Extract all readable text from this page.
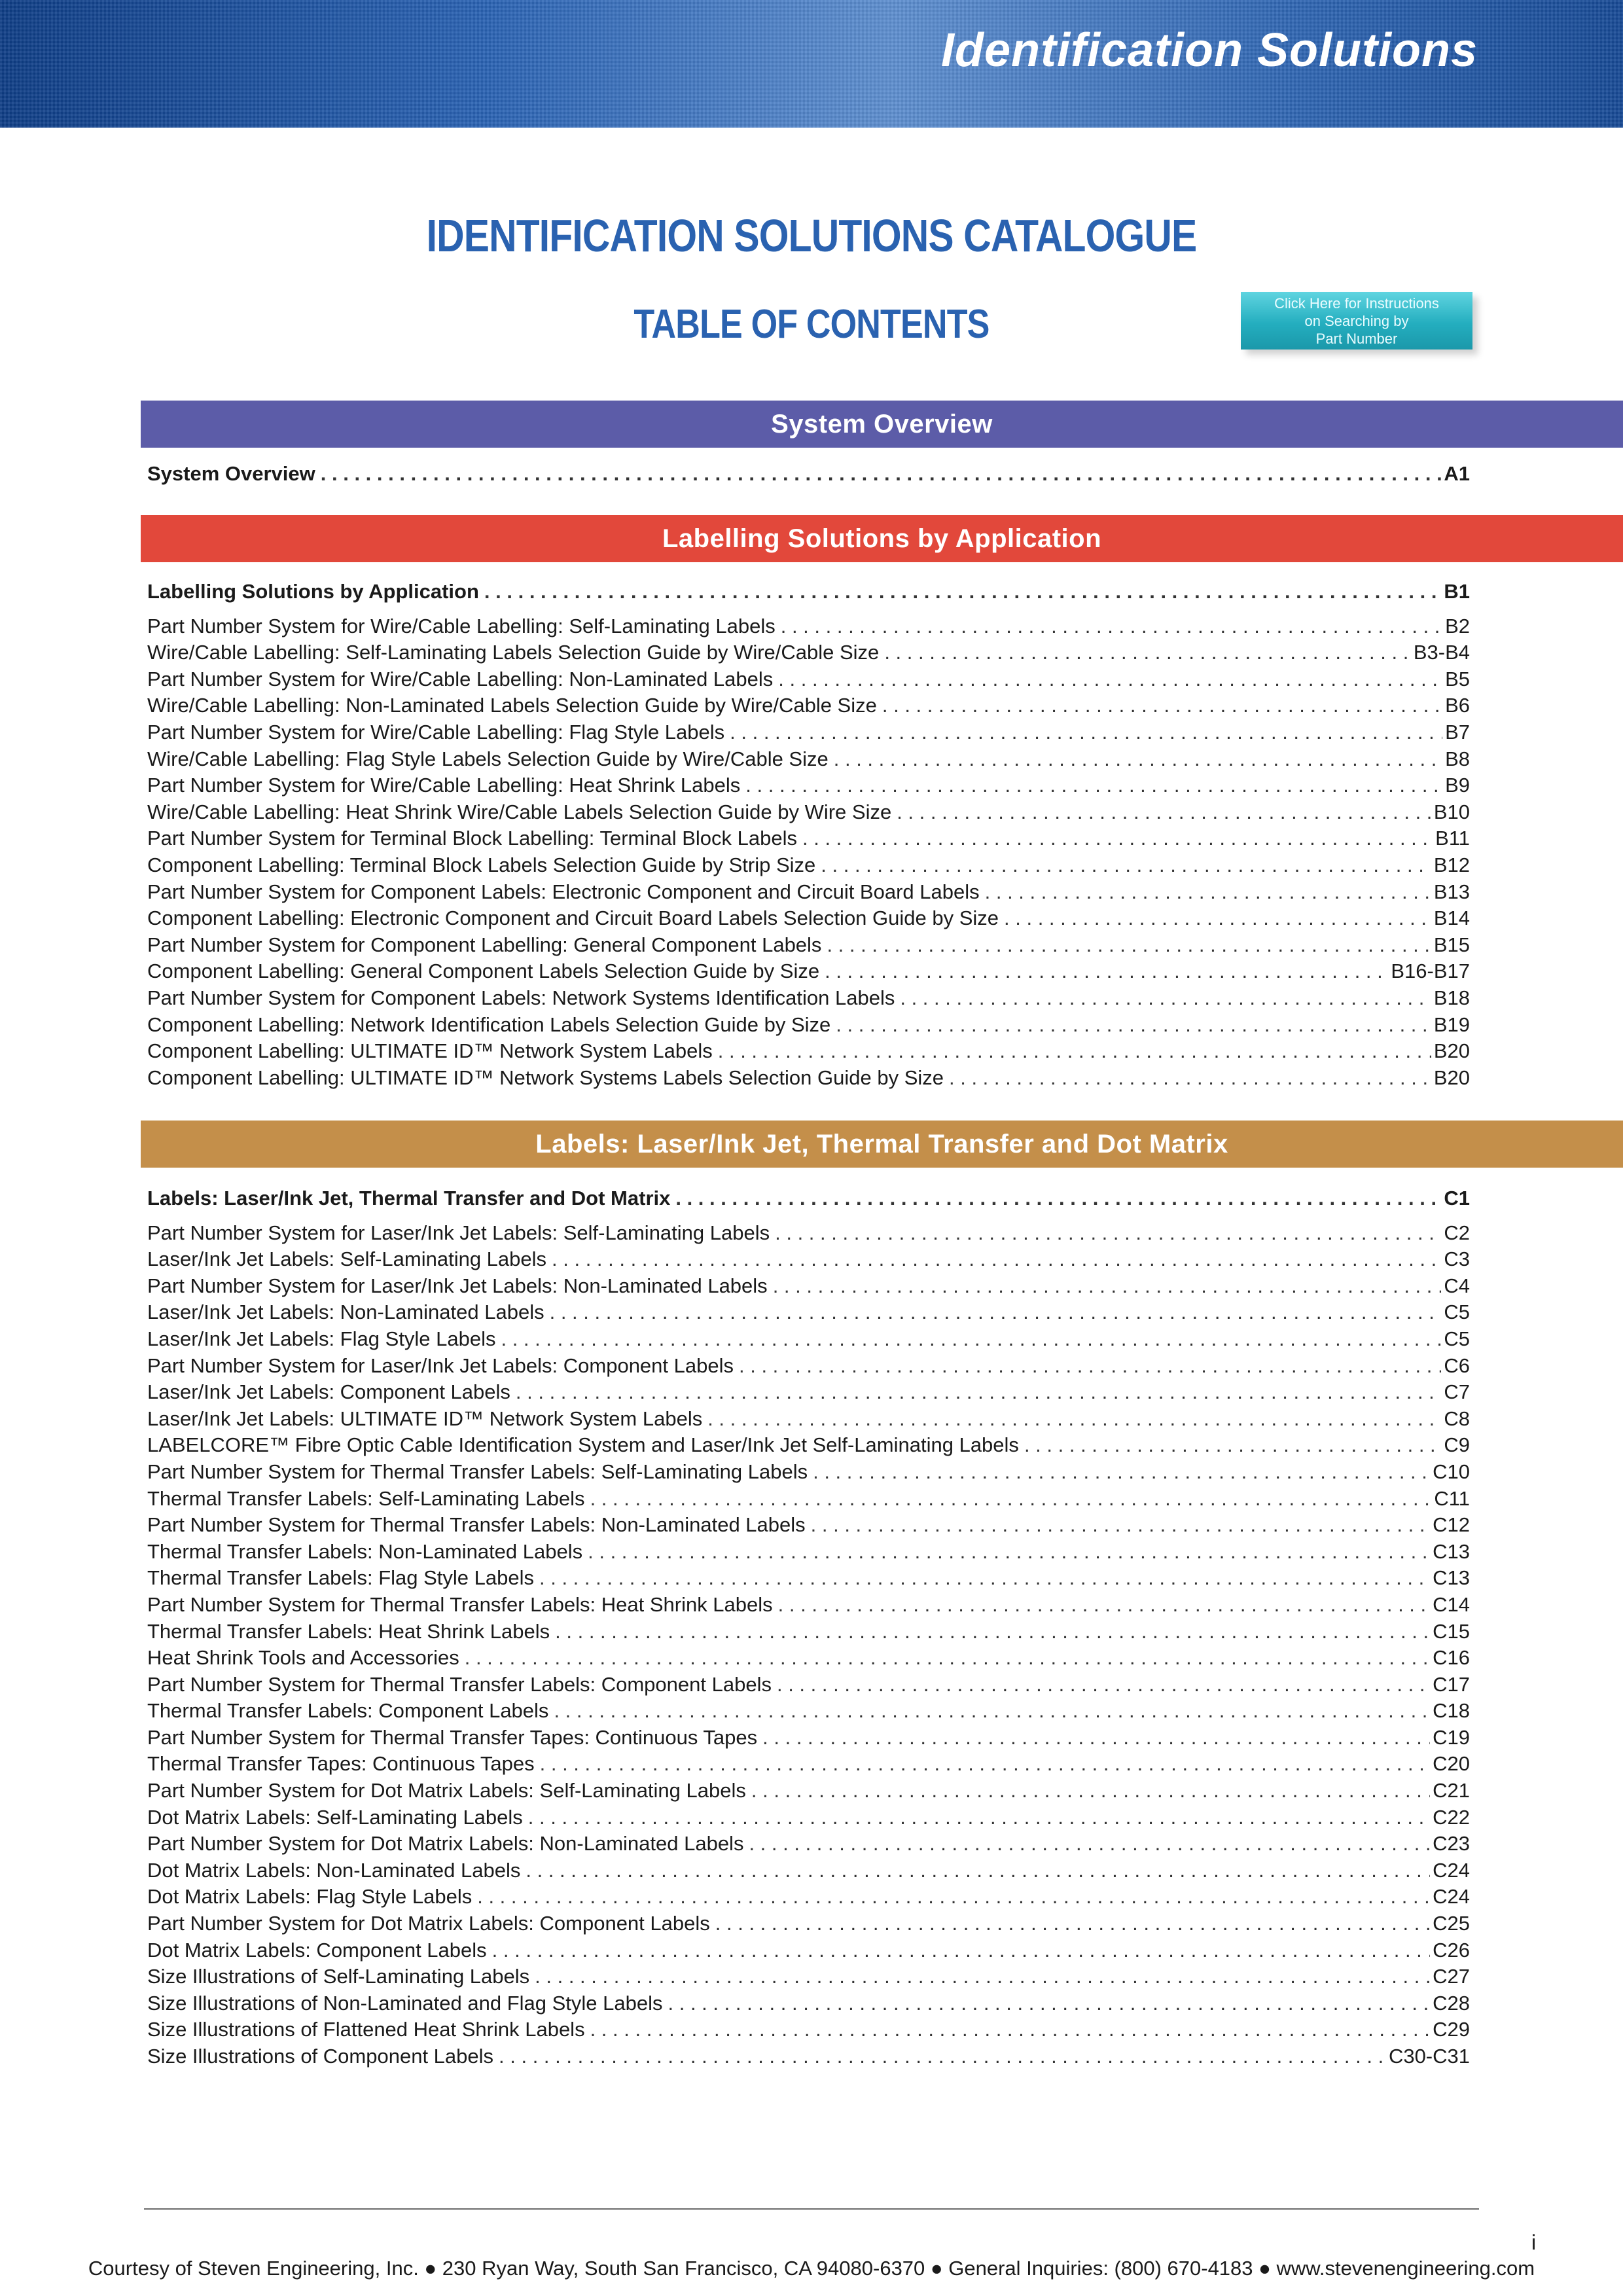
Identification Solutions
IDENTIFICATION SOLUTIONS CATALOGUE
TABLE OF CONTENTS	Click Here for Instructions
on Searching by
Part Number
System Overview
System Overview . . .	A1
Labelling Solutions by Application
Labelling Solutions by Application . . .	B1
Part Number System for Wire/Cable Labelling: Self-Laminating Labels . . .	B2
Wire/Cable Labelling: Self-Laminating Labels Selection Guide by Wire/Cable Size . . .	B3-B4
Part Number System for Wire/Cable Labelling: Non-Laminated Labels . . .	B5
Wire/Cable Labelling: Non-Laminated Labels Selection Guide by Wire/Cable Size . . .	B6
Part Number System for Wire/Cable Labelling: Flag Style Labels . . .	B7
Wire/Cable Labelling: Flag Style Labels Selection Guide by Wire/Cable Size . . .	B8
Part Number System for Wire/Cable Labelling: Heat Shrink Labels . . .	B9
Wire/Cable Labelling: Heat Shrink Wire/Cable Labels Selection Guide by Wire Size . . .	B10
Part Number System for Terminal Block Labelling: Terminal Block Labels . . .	B11
Component Labelling: Terminal Block Labels Selection Guide by Strip Size . . .	B12
Part Number System for Component Labels: Electronic Component and Circuit Board Labels . . .	B13
Component Labelling: Electronic Component and Circuit Board Labels Selection Guide by Size . . .	B14
Part Number System for Component Labelling: General Component Labels . . .	B15
Component Labelling: General Component Labels Selection Guide by Size . . .	B16-B17
Part Number System for Component Labels: Network Systems Identification Labels . . .	B18
Component Labelling: Network Identification Labels Selection Guide by Size . . .	B19
Component Labelling: ULTIMATE ID™ Network System Labels . . .	B20
Component Labelling: ULTIMATE ID™ Network Systems Labels Selection Guide by Size . . .	B20
Labels: Laser/Ink Jet, Thermal Transfer and Dot Matrix
Labels: Laser/Ink Jet, Thermal Transfer and Dot Matrix . . .	C1
Part Number System for Laser/Ink Jet Labels: Self-Laminating Labels . . .	C2
Laser/Ink Jet Labels: Self-Laminating Labels . . .	C3
Part Number System for Laser/Ink Jet Labels: Non-Laminated Labels . . .	C4
Laser/Ink Jet Labels: Non-Laminated Labels . . .	C5
Laser/Ink Jet Labels: Flag Style Labels . . .	C5
Part Number System for Laser/Ink Jet Labels: Component Labels . . .	C6
Laser/Ink Jet Labels: Component Labels . . .	C7
Laser/Ink Jet Labels: ULTIMATE ID™ Network System Labels . . .	C8
LABELCORE™ Fibre Optic Cable Identification System and Laser/Ink Jet Self-Laminating Labels . . .	C9
Part Number System for Thermal Transfer Labels: Self-Laminating Labels . . .	C10
Thermal Transfer Labels: Self-Laminating Labels . . .	C11
Part Number System for Thermal Transfer Labels: Non-Laminated Labels . . .	C12
Thermal Transfer Labels: Non-Laminated Labels . . .	C13
Thermal Transfer Labels: Flag Style Labels . . .	C13
Part Number System for Thermal Transfer Labels: Heat Shrink Labels . . .	C14
Thermal Transfer Labels: Heat Shrink Labels . . .	C15
Heat Shrink Tools and Accessories . . .	C16
Part Number System for Thermal Transfer Labels: Component Labels . . .	C17
Thermal Transfer Labels: Component Labels . . .	C18
Part Number System for Thermal Transfer Tapes: Continuous Tapes . . .	C19
Thermal Transfer Tapes: Continuous Tapes . . .	C20
Part Number System for Dot Matrix Labels: Self-Laminating Labels . . .	C21
Dot Matrix Labels: Self-Laminating Labels . . .	C22
Part Number System for Dot Matrix Labels: Non-Laminated Labels . . .	C23
Dot Matrix Labels: Non-Laminated Labels . . .	C24
Dot Matrix Labels: Flag Style Labels . . .	C24
Part Number System for Dot Matrix Labels: Component Labels . . .	C25
Dot Matrix Labels: Component Labels . . .	C26
Size Illustrations of Self-Laminating Labels . . .	C27
Size Illustrations of Non-Laminated and Flag Style Labels . . .	C28
Size Illustrations of Flattened Heat Shrink Labels . . .	C29
Size Illustrations of Component Labels . . .	C30-C31
i
Courtesy of Steven Engineering, Inc. ● 230 Ryan Way, South San Francisco, CA 94080-6370 ● General Inquiries: (800) 670-4183 ● www.stevenengineering.com
